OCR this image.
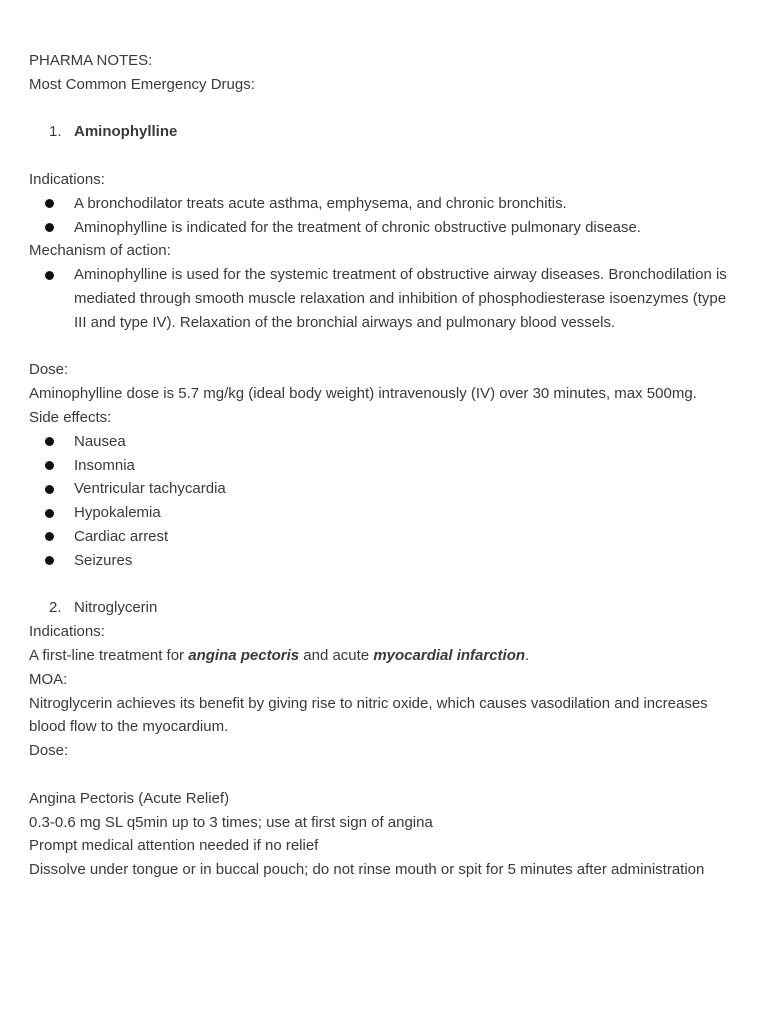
PHARMA NOTES:

Most Common Emergency Drugs:

1. Aminophylline

Indications:

A bronchodilator treats acute asthma, emphysema, and chronic bronchitis.
Aminophylline is indicated for the treatment of chronic obstructive pulmonary disease.

Mechanism of action:

Aminophylline is used for the systemic treatment of obstructive airway diseases. Bronchodilation is mediated through smooth muscle relaxation and inhibition of phosphodiesterase isoenzymes (type III and type IV). Relaxation of the bronchial airways and pulmonary blood vessels.

Dose:

Aminophylline dose is 5.7 mg/kg (ideal body weight) intravenously (IV) over 30 minutes, max 500mg.

Side effects:

Nausea
Insomnia
Ventricular tachycardia
Hypokalemia
Cardiac arrest
Seizures
2. Nitroglycerin

Indications:

A first-line treatment for angina pectoris and acute myocardial infarction.

MOA:

Nitroglycerin achieves its benefit by giving rise to nitric oxide, which causes vasodilation and increases blood flow to the myocardium.

Dose:

Angina Pectoris (Acute Relief)

0.3-0.6 mg SL q5min up to 3 times; use at first sign of angina

Prompt medical attention needed if no relief

Dissolve under tongue or in buccal pouch; do not rinse mouth or spit for 5 minutes after administration
